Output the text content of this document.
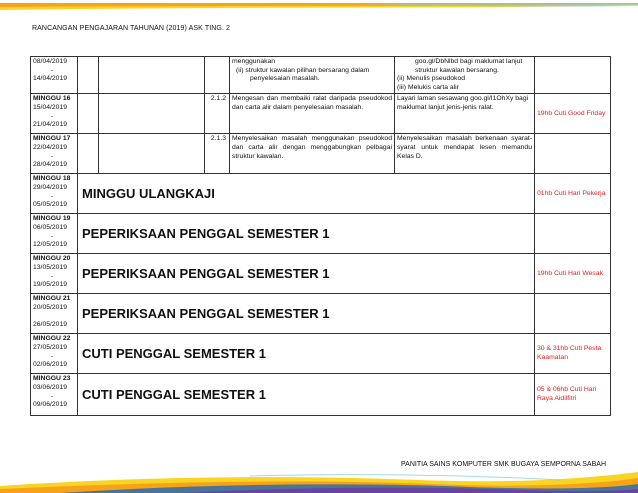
RANCANGAN PENGAJARAN TAHUNAN (2019) ASK TING. 2
08/04/2019
-
14/04/2019				menggunakan
(ii) struktur kawalan pilihan bersarang dalam
penyelesaian masalah.	goo.gl/DbNlbd bagi maklumat lanjut
struktur kawalan bersarang.
(ii) Menulis pseudokod
(iii) Melukis carta alir	

MINGGU 16
15/04/2019
-
21/04/2019			2.1.2	Mengesan dan membaiki ralat daripada pseudokod dan carta alir dalam penyelesaian masalah.	Layari laman sesawang goo.gl/I1OhXy bagi maklumat lanjut jenis-jenis ralat.	19hb Cuti Good Friday

MINGGU 17
22/04/2019
-
28/04/2019			2.1.3	Menyelesaikan masalah menggunakan pseudokod dan carta alir dengan menggabungkan pelbagai struktur kawalan.	Menyelesaikan masalah berkenaan syarat-syarat untuk mendapat lesen memandu Kelas D.	

MINGGU 18
29/04/2019
-
05/05/2019	MINGGU ULANGKAJI					01hb Cuti Hari Pekerja

MINGGU 19
06/05/2019
-
12/05/2019	PEPERIKSAAN PENGGAL SEMESTER 1					

MINGGU 20
13/05/2019
-
19/05/2019	PEPERIKSAAN PENGGAL SEMESTER 1					19hb Cuti Hari Wesak

MINGGU 21
20/05/2019
26/05/2019	PEPERIKSAAN PENGGAL SEMESTER 1					

MINGGU 22
27/05/2019
-
02/06/2019	CUTI PENGGAL SEMESTER 1					30 & 31hb Cuti Pesta Kaamatan

MINGGU 23
03/06/2019
-
09/06/2019	CUTI PENGGAL SEMESTER 1					05 & 06hb Cuti Hari Raya Aidilfitri
PANITIA SAINS KOMPUTER SMK BUGAYA SEMPORNA SABAH
